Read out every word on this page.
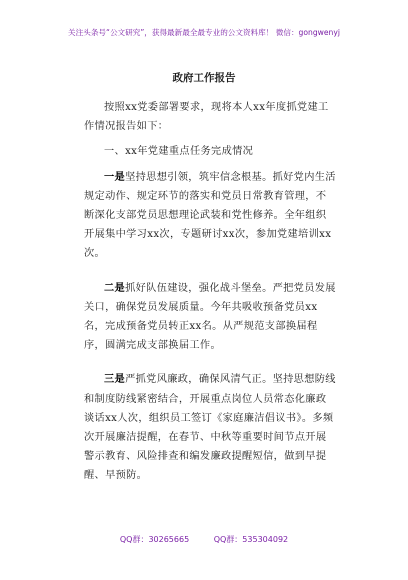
关注头条号“公文研究”，获得最新最全最专业的公文资料库！ 微信：gongwenyj
政府工作报告

按照xx党委部署要求，现将本人xx年度抓党建工作情况报告如下：

一、xx年党建重点任务完成情况

一是坚持思想引领，筑牢信念根基。抓好党内生活规定动作、规定环节的落实和党员日常教育管理，不断深化支部党员思想理论武装和党性修养。全年组织开展集中学习xx次，专题研讨xx次，参加党建培训xx次。

二是抓好队伍建设，强化战斗堡垒。严把党员发展关口，确保党员发展质量。今年共吸收预备党员xx名，完成预备党员转正xx名。从严规范支部换届程序，圆满完成支部换届工作。

三是严抓党风廉政，确保风清气正。坚持思想防线和制度防线紧密结合，开展重点岗位人员常态化廉政谈话xx人次，组织员工签订《家庭廉洁倡议书》。多频次开展廉洁提醒，在春节、中秋等重要时间节点开展警示教育、风险排查和编发廉政提醒短信，做到早提醒、早预防。

QQ群：30265665	QQ群：535304092
